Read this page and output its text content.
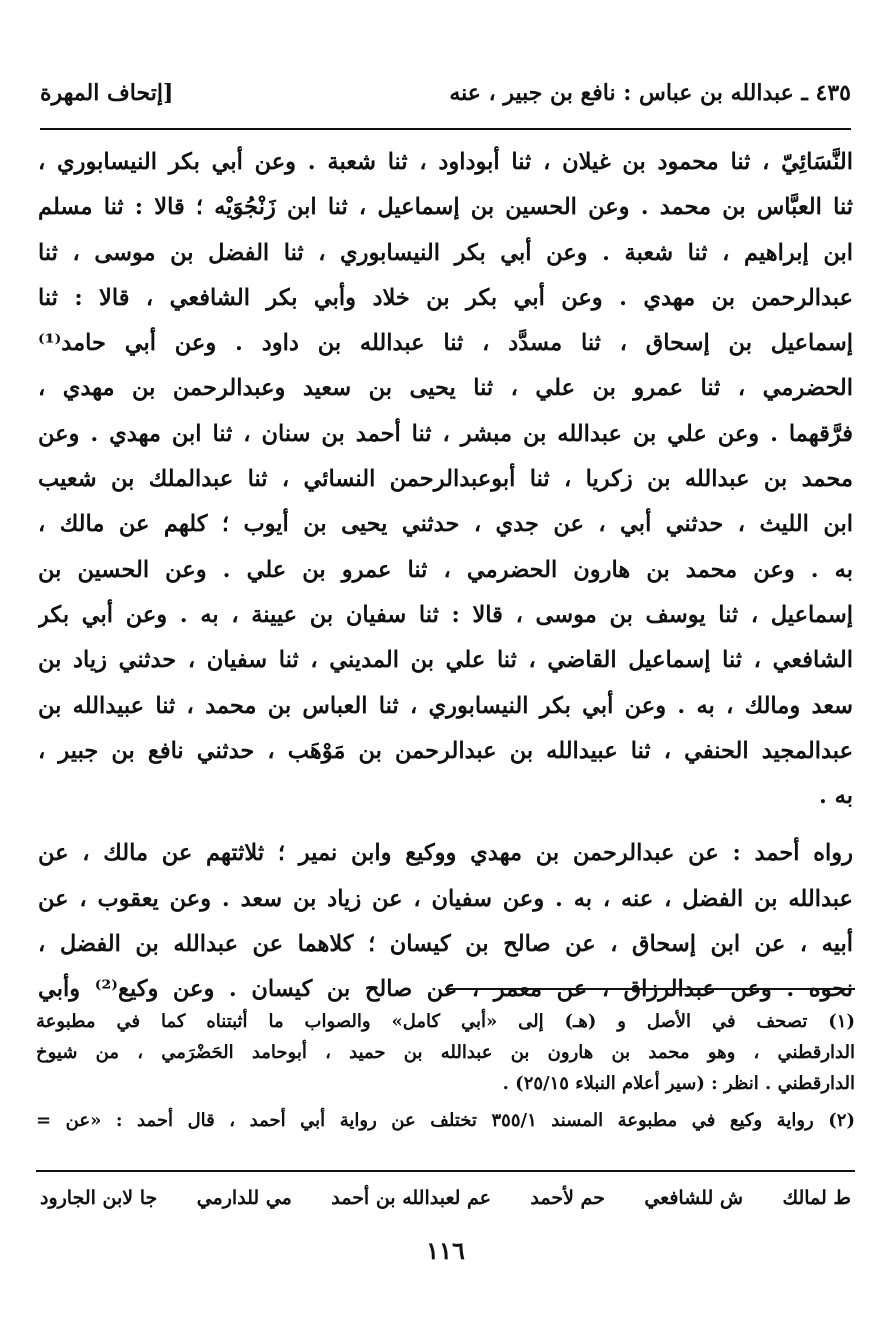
٤٣٥ ـ عبدالله بن عباس : نافع بن جبير ، عنه
[إتحاف المهرة
النَّسَائِيّ ، ثنا محمود بن غيلان ، ثنا أبوداود ، ثنا شعبة . وعن أبي بكر النيسابوري ،
ثنا العبَّاس بن محمد . وعن الحسين بن إسماعيل ، ثنا ابن زَنْجُوَيْه ؛ قالا : ثنا مسلم
ابن إبراهيم ، ثنا شعبة . وعن أبي بكر النيسابوري ، ثنا الفضل بن موسى ، ثنا
عبدالرحمن بن مهدي . وعن أبي بكر بن خلاد وأبي بكر الشافعي ، قالا : ثنا
إسماعيل بن إسحاق ، ثنا مسدَّد ، ثنا عبدالله بن داود . وعن أبي حامد⁽¹⁾
الحضرمي ، ثنا عمرو بن علي ، ثنا يحيى بن سعيد وعبدالرحمن بن مهدي ،
فرَّقهما . وعن علي بن عبدالله بن مبشر ، ثنا أحمد بن سنان ، ثنا ابن مهدي . وعن
محمد بن عبدالله بن زكريا ، ثنا أبوعبدالرحمن النسائي ، ثنا عبدالملك بن شعيب
ابن الليث ، حدثني أبي ، عن جدي ، حدثني يحيى بن أيوب ؛ كلهم عن مالك ،
به . وعن محمد بن هارون الحضرمي ، ثنا عمرو بن علي . وعن الحسين بن
إسماعيل ، ثنا يوسف بن موسى ، قالا : ثنا سفيان بن عيينة ، به . وعن أبي بكر
الشافعي ، ثنا إسماعيل القاضي ، ثنا علي بن المديني ، ثنا سفيان ، حدثني زياد بن
سعد ومالك ، به . وعن أبي بكر النيسابوري ، ثنا العباس بن محمد ، ثنا عبيدالله بن
عبدالمجيد الحنفي ، ثنا عبيدالله بن عبدالرحمن بن مَوْهَب ، حدثني نافع بن جبير ،
به .
رواه أحمد : عن عبدالرحمن بن مهدي ووكيع وابن نمير ؛ ثلاثتهم عن مالك ، عن
عبدالله بن الفضل ، عنه ، به . وعن سفيان ، عن زياد بن سعد . وعن يعقوب ، عن
أبيه ، عن ابن إسحاق ، عن صالح بن كيسان ؛ كلاهما عن عبدالله بن الفضل ،
نحوه . وعن عبدالرزاق ، عن معمر ، عن صالح بن كيسان . وعن وكيع⁽²⁾ وأبي
(١) تصحف في الأصل و (هـ) إلى «أبي كامل» والصواب ما أثبتناه كما في مطبوعة
الدارقطني ، وهو محمد بن هارون بن عبدالله بن حميد ، أبوحامد الحَضْرَمي ، من شيوخ
الدارقطني . انظر : (سير أعلام النبلاء ٢٥/١٥) .
(٢) رواية وكيع في مطبوعة المسند ٣٥٥/١ تختلف عن رواية أبي أحمد ، قال أحمد : «عن =
ط لمالك
ش للشافعي
حم لأحمد
عم لعبدالله بن أحمد
مي للدارمي
جا لابن الجارود
١١٦
